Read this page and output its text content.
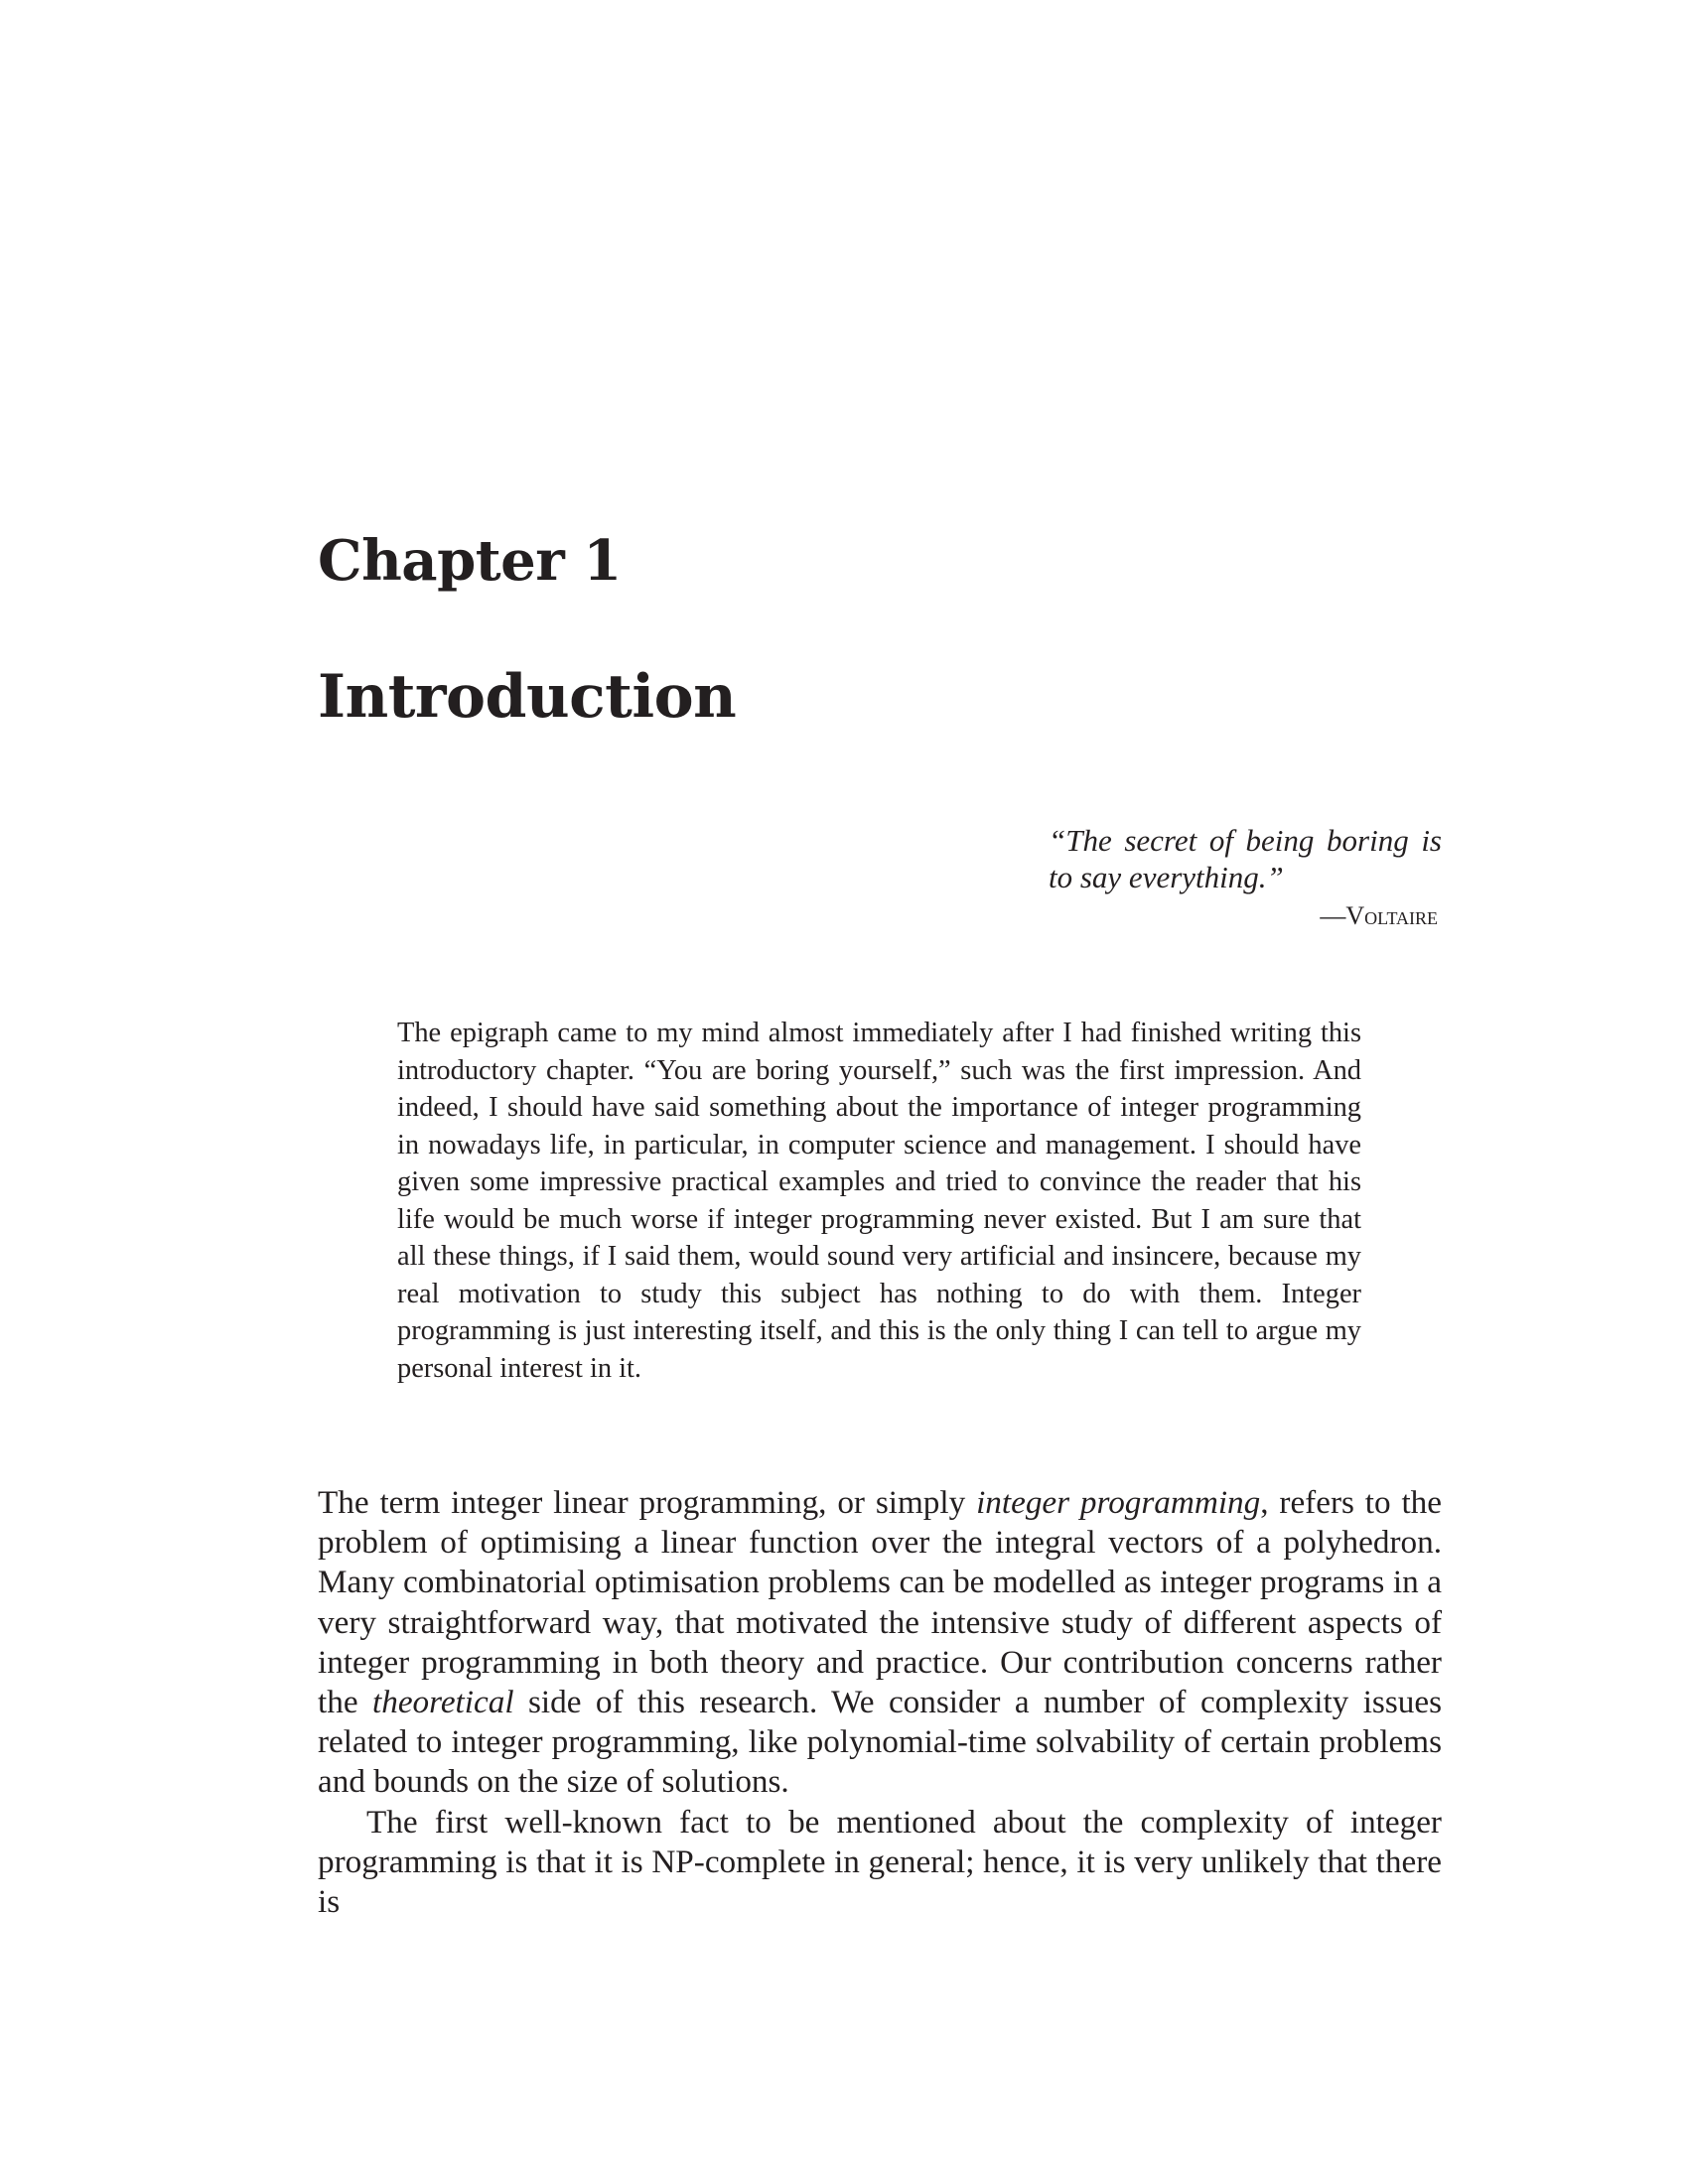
Chapter 1
Introduction

“The secret of being boring is to say everything.”

—Voltaire

The epigraph came to my mind almost immediately after I had finished writing this introductory chapter. “You are boring yourself,” such was the first impression. And indeed, I should have said something about the importance of integer programming in nowadays life, in particular, in computer science and management. I should have given some impressive practical examples and tried to convince the reader that his life would be much worse if integer programming never existed. But I am sure that all these things, if I said them, would sound very artificial and insincere, because my real motivation to study this subject has nothing to do with them. Integer programming is just interesting itself, and this is the only thing I can tell to argue my personal interest in it.

The term integer linear programming, or simply integer programming, refers to the problem of optimising a linear function over the integral vectors of a polyhedron. Many combinatorial optimisation problems can be modelled as integer programs in a very straightforward way, that motivated the intensive study of different aspects of integer programming in both theory and practice. Our contribution concerns rather the theoretical side of this research. We consider a number of complexity issues related to integer programming, like polynomial-time solvability of certain problems and bounds on the size of solutions.

The first well-known fact to be mentioned about the complexity of integer programming is that it is NP-complete in general; hence, it is very unlikely that there is
